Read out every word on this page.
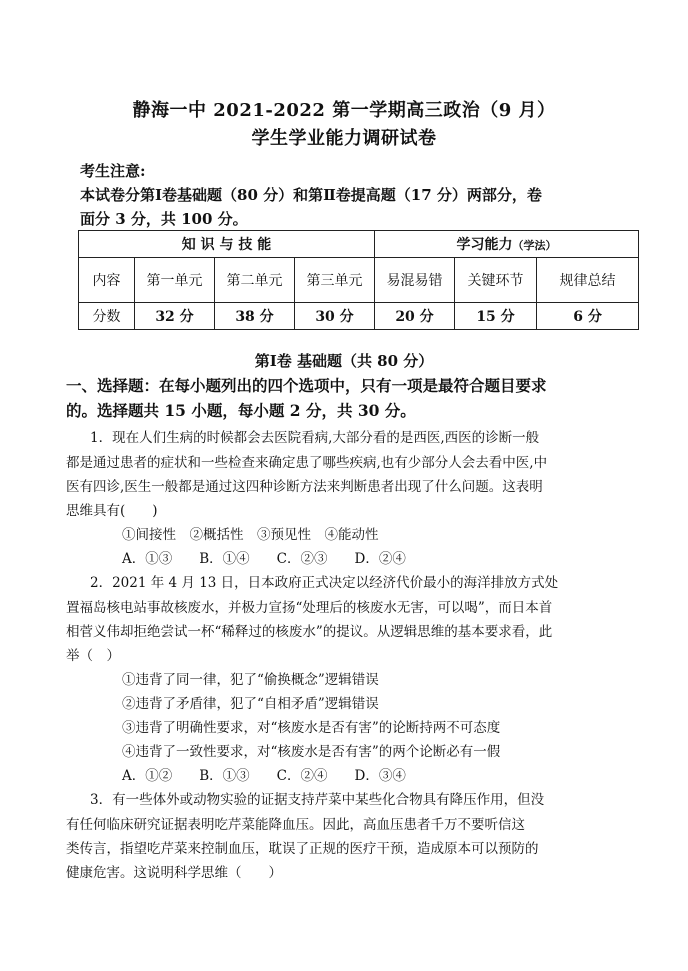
静海一中 2021-2022 第一学期高三政治（9 月）
学生学业能力调研试卷
考生注意:
本试卷分第Ⅰ卷基础题（80 分）和第Ⅱ卷提高题（17 分）两部分，卷
面分 3 分，共 100 分。
知 识 与 技 能				学习能力（学法）		
内容	第一单元	第二单元	第三单元	易混易错	关键环节	规律总结
分数	32 分	38 分	30 分	20 分	15 分	6 分
第Ⅰ卷 基础题（共 80 分）
一、选择题：在每小题列出的四个选项中，只有一项是最符合题目要求
的。选择题共 15 小题，每小题 2 分，共 30 分。
1．现在人们生病的时候都会去医院看病,大部分看的是西医,西医的诊断一般
都是通过患者的症状和一些检查来确定患了哪些疾病,也有少部分人会去看中医,中
医有四诊,医生一般都是通过这四种诊断方法来判断患者出现了什么问题。这表明
思维具有(　　)
①间接性　②概括性　③预见性　④能动性
A．①③　　B．①④　　C．②③　　D．②④
2．2021 年 4 月 13 日，日本政府正式决定以经济代价最小的海洋排放方式处
置福岛核电站事故核废水，并极力宣扬“处理后的核废水无害，可以喝”，而日本首
相菅义伟却拒绝尝试一杯“稀释过的核废水”的提议。从逻辑思维的基本要求看，此
举（　）
①违背了同一律，犯了“偷换概念”逻辑错误
②违背了矛盾律，犯了“自相矛盾”逻辑错误
③违背了明确性要求，对“核废水是否有害”的论断持两不可态度
④违背了一致性要求，对“核废水是否有害”的两个论断必有一假
A．①②　　B．①③　　C．②④　　D．③④
3．有一些体外或动物实验的证据支持芹菜中某些化合物具有降压作用，但没
有任何临床研究证据表明吃芹菜能降血压。因此，高血压患者千万不要听信这
类传言，指望吃芹菜来控制血压，耽误了正规的医疗干预，造成原本可以预防的
健康危害。这说明科学思维（　　）
